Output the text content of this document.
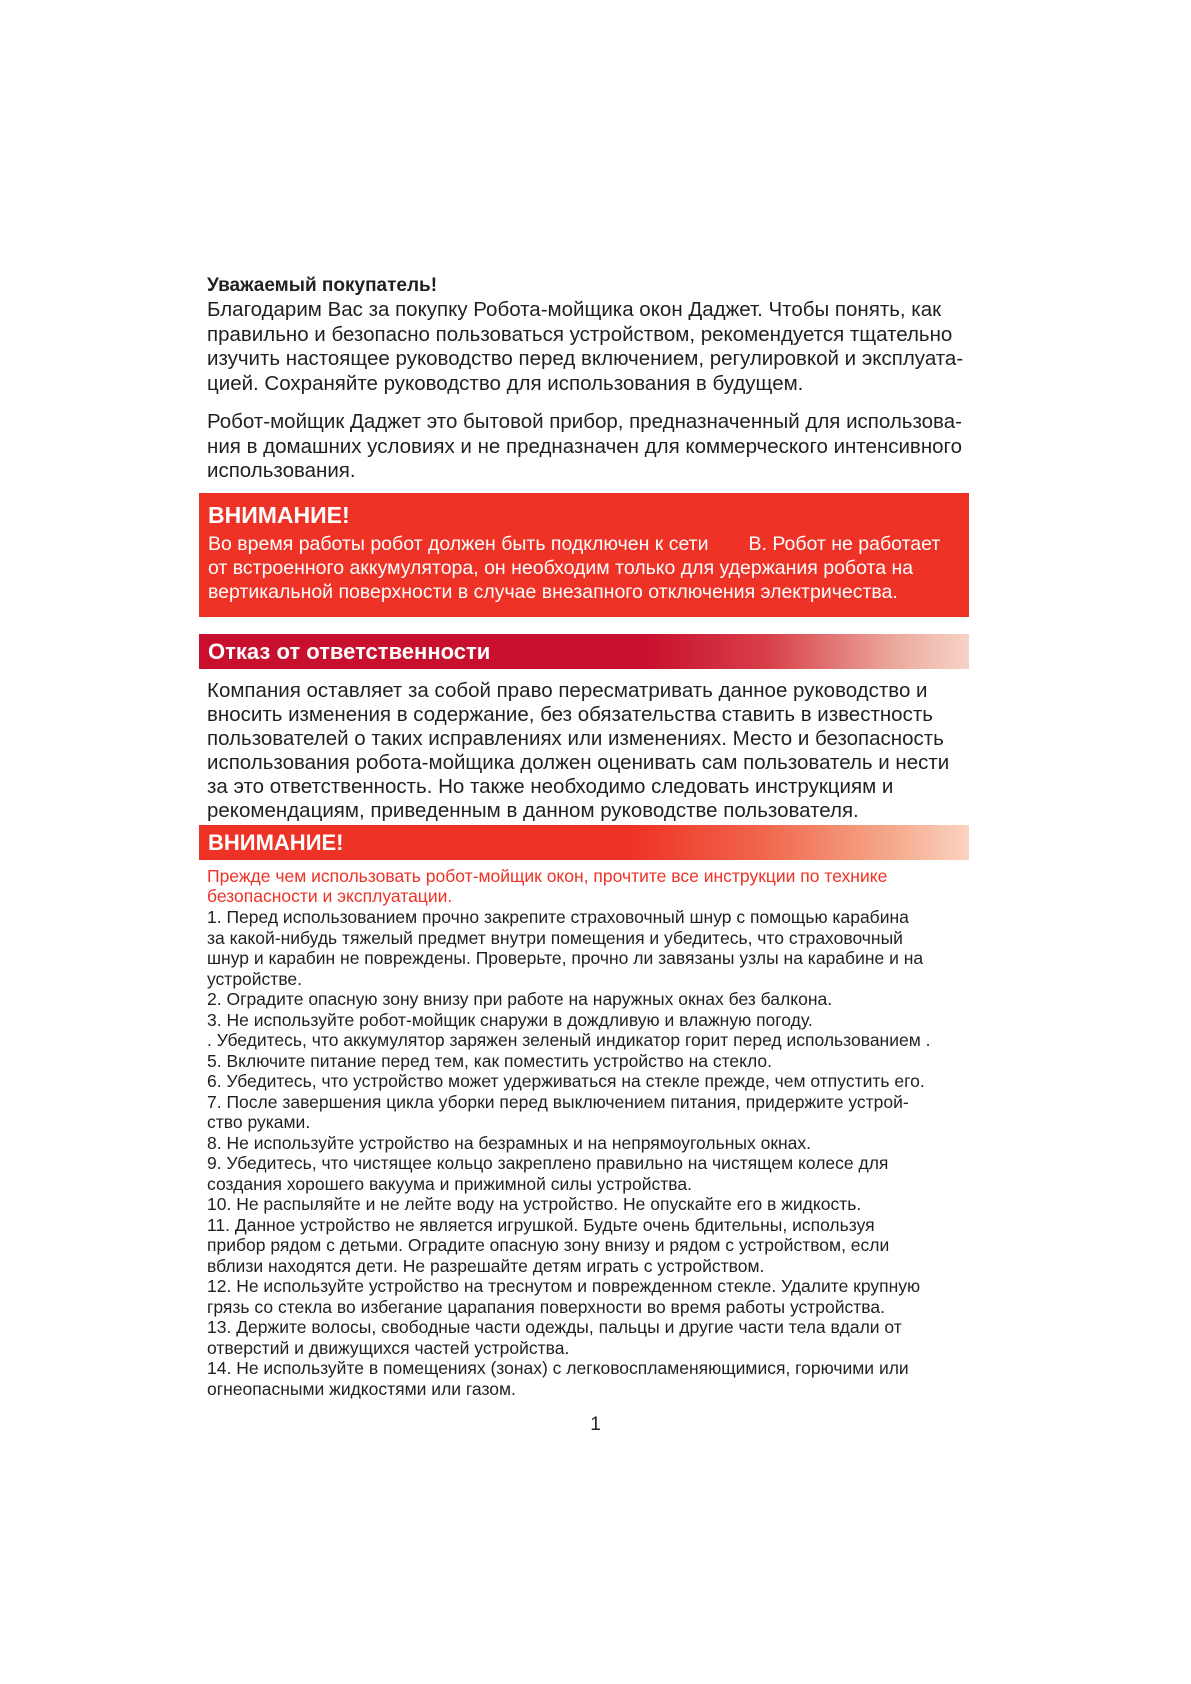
Уважаемый покупатель!
Благодарим Вас за покупку Робота-мойщика окон Даджет. Чтобы понять, как
правильно и безопасно пользоваться устройством, рекомендуется тщательно
изучить настоящее руководство перед включением, регулировкой и эксплуата-
цией. Сохраняйте руководство для использования в будущем.
Робот-мойщик Даджет это бытовой прибор, предназначенный для использова-
ния в домашних условиях и не предназначен для коммерческого интенсивного
использования.
ВНИМАНИЕ!
Во время работы робот должен быть подключен к сети В. Робот не работает
от встроенного аккумулятора, он необходим только для удержания робота на
вертикальной поверхности в случае внезапного отключения электричества.
Отказ от ответственности
Компания оставляет за собой право пересматривать данное руководство и
вносить изменения в содержание, без обязательства ставить в известность
пользователей о таких исправлениях или изменениях. Место и безопасность
использования робота-мойщика должен оценивать сам пользователь и нести
за это ответственность. Но также необходимо следовать инструкциям и
рекомендациям, приведенным в данном руководстве пользователя.
ВНИМАНИЕ!
Прежде чем использовать робот-мойщик окон, прочтите все инструкции по технике
безопасности и эксплуатации.
1. Перед использованием прочно закрепите страховочный шнур с помощью карабина
за какой-нибудь тяжелый предмет внутри помещения и убедитесь, что страховочный
шнур и карабин не повреждены. Проверьте, прочно ли завязаны узлы на карабине и на
устройстве.
2. Оградите опасную зону внизу при работе на наружных окнах без балкона.
3. Не используйте робот-мойщик снаружи в дождливую и влажную погоду.
. Убедитесь, что аккумулятор заряжен зеленый индикатор горит перед использованием .
5. Включите питание перед тем, как поместить устройство на стекло.
6. Убедитесь, что устройство может удерживаться на стекле прежде, чем отпустить его.
7. После завершения цикла уборки перед выключением питания, придержите устрой-
ство руками.
8. Не используйте устройство на безрамных и на непрямоугольных окнах.
9. Убедитесь, что чистящее кольцо закреплено правильно на чистящем колесе для
создания хорошего вакуума и прижимной силы устройства.
10. Не распыляйте и не лейте воду на устройство. Не опускайте его в жидкость.
11. Данное устройство не является игрушкой. Будьте очень бдительны, используя
прибор рядом с детьми. Оградите опасную зону внизу и рядом с устройством, если
вблизи находятся дети. Не разрешайте детям играть с устройством.
12. Не используйте устройство на треснутом и поврежденном стекле. Удалите крупную
грязь со стекла во избегание царапания поверхности во время работы устройства.
13. Держите волосы, свободные части одежды, пальцы и другие части тела вдали от
отверстий и движущихся частей устройства.
14. Не используйте в помещениях (зонах) с легковоспламеняющимися, горючими или
огнеопасными жидкостями или газом.
1
